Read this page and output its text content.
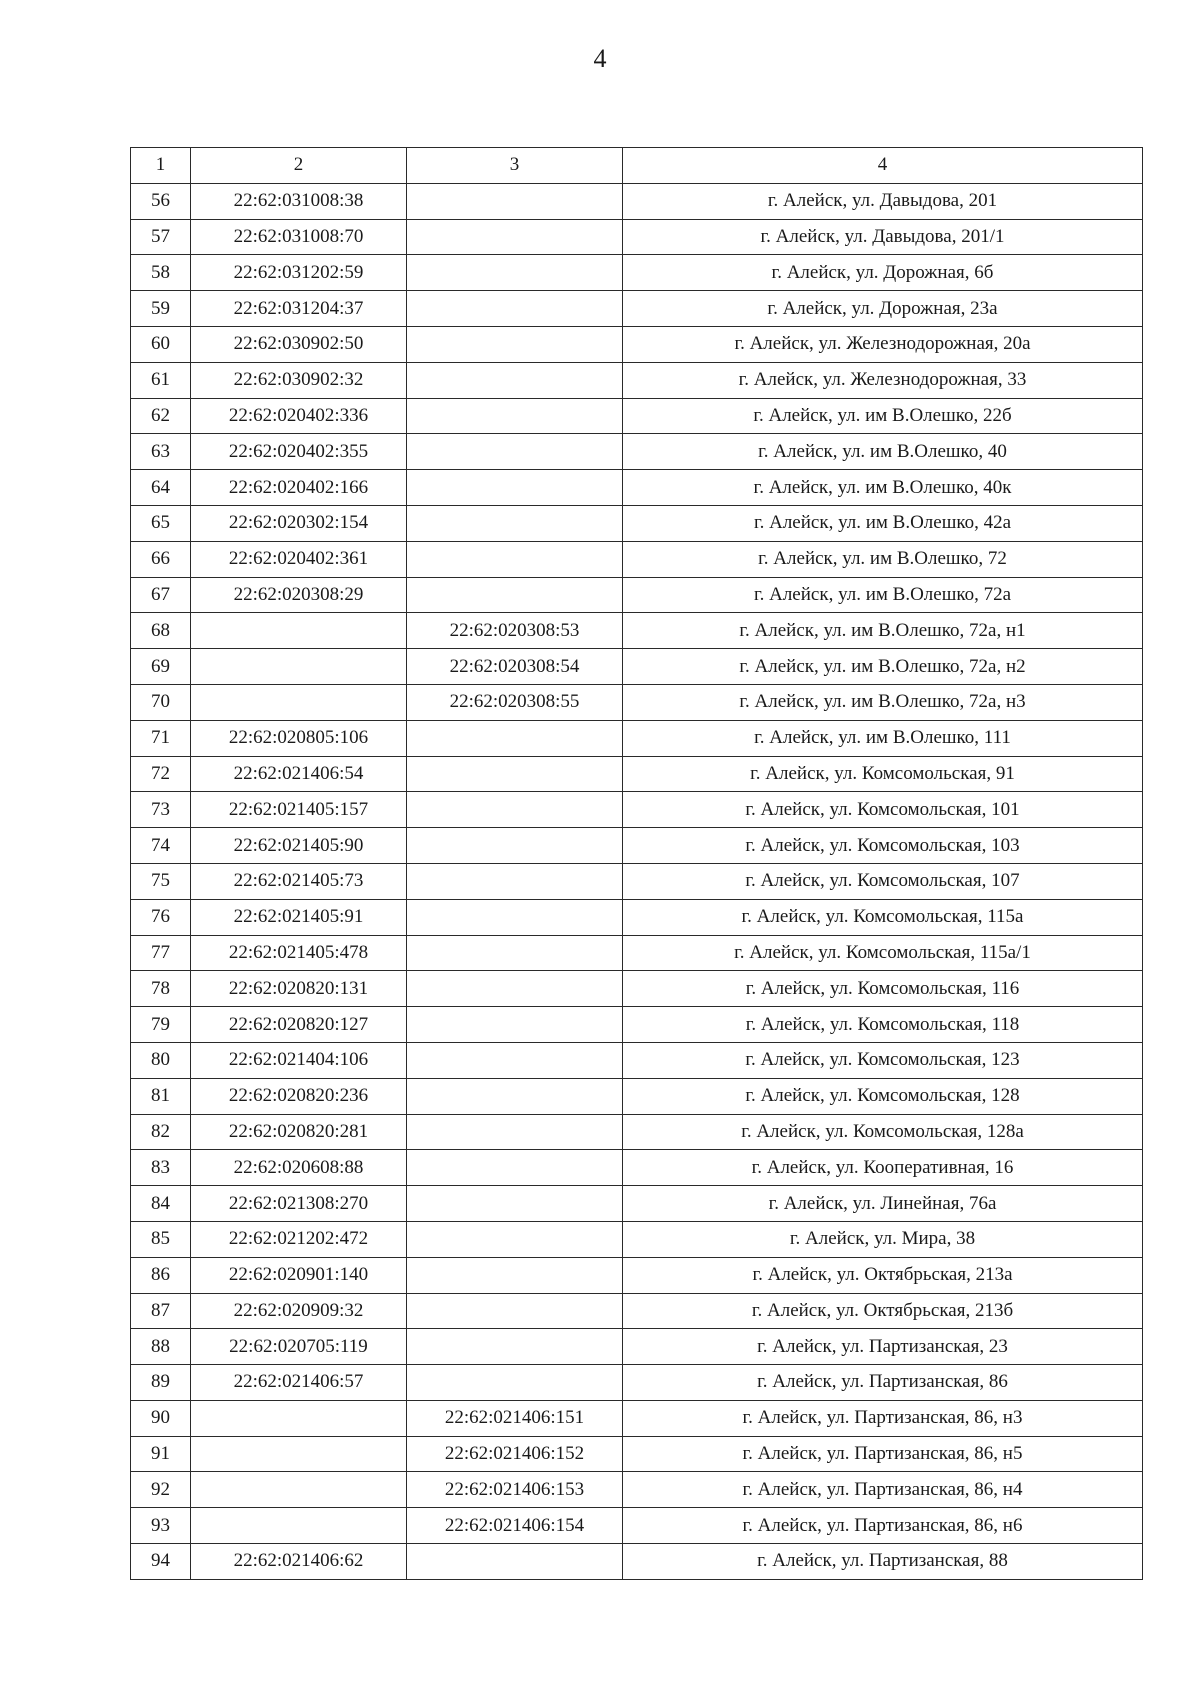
4
1	2	3	4
56	22:62:031008:38		г. Алейск, ул. Давыдова, 201
57	22:62:031008:70		г. Алейск, ул. Давыдова, 201/1
58	22:62:031202:59		г. Алейск, ул. Дорожная, 6б
59	22:62:031204:37		г. Алейск, ул. Дорожная, 23а
60	22:62:030902:50		г. Алейск, ул. Железнодорожная, 20а
61	22:62:030902:32		г. Алейск, ул. Железнодорожная, 33
62	22:62:020402:336		г. Алейск, ул. им В.Олешко, 22б
63	22:62:020402:355		г. Алейск, ул. им В.Олешко, 40
64	22:62:020402:166		г. Алейск, ул. им В.Олешко, 40к
65	22:62:020302:154		г. Алейск, ул. им В.Олешко, 42а
66	22:62:020402:361		г. Алейск, ул. им В.Олешко, 72
67	22:62:020308:29		г. Алейск, ул. им В.Олешко, 72а
68		22:62:020308:53	г. Алейск, ул. им В.Олешко, 72а, н1
69		22:62:020308:54	г. Алейск, ул. им В.Олешко, 72а, н2
70		22:62:020308:55	г. Алейск, ул. им В.Олешко, 72а, н3
71	22:62:020805:106		г. Алейск, ул. им В.Олешко, 111
72	22:62:021406:54		г. Алейск, ул. Комсомольская, 91
73	22:62:021405:157		г. Алейск, ул. Комсомольская, 101
74	22:62:021405:90		г. Алейск, ул. Комсомольская, 103
75	22:62:021405:73		г. Алейск, ул. Комсомольская, 107
76	22:62:021405:91		г. Алейск, ул. Комсомольская, 115а
77	22:62:021405:478		г. Алейск, ул. Комсомольская, 115а/1
78	22:62:020820:131		г. Алейск, ул. Комсомольская, 116
79	22:62:020820:127		г. Алейск, ул. Комсомольская, 118
80	22:62:021404:106		г. Алейск, ул. Комсомольская, 123
81	22:62:020820:236		г. Алейск, ул. Комсомольская, 128
82	22:62:020820:281		г. Алейск, ул. Комсомольская, 128а
83	22:62:020608:88		г. Алейск, ул. Кооперативная, 16
84	22:62:021308:270		г. Алейск, ул. Линейная, 76а
85	22:62:021202:472		г. Алейск, ул. Мира, 38
86	22:62:020901:140		г. Алейск, ул. Октябрьская, 213а
87	22:62:020909:32		г. Алейск, ул. Октябрьская, 213б
88	22:62:020705:119		г. Алейск, ул. Партизанская, 23
89	22:62:021406:57		г. Алейск, ул. Партизанская, 86
90		22:62:021406:151	г. Алейск, ул. Партизанская, 86, н3
91		22:62:021406:152	г. Алейск, ул. Партизанская, 86, н5
92		22:62:021406:153	г. Алейск, ул. Партизанская, 86, н4
93		22:62:021406:154	г. Алейск, ул. Партизанская, 86, н6
94	22:62:021406:62		г. Алейск, ул. Партизанская, 88
